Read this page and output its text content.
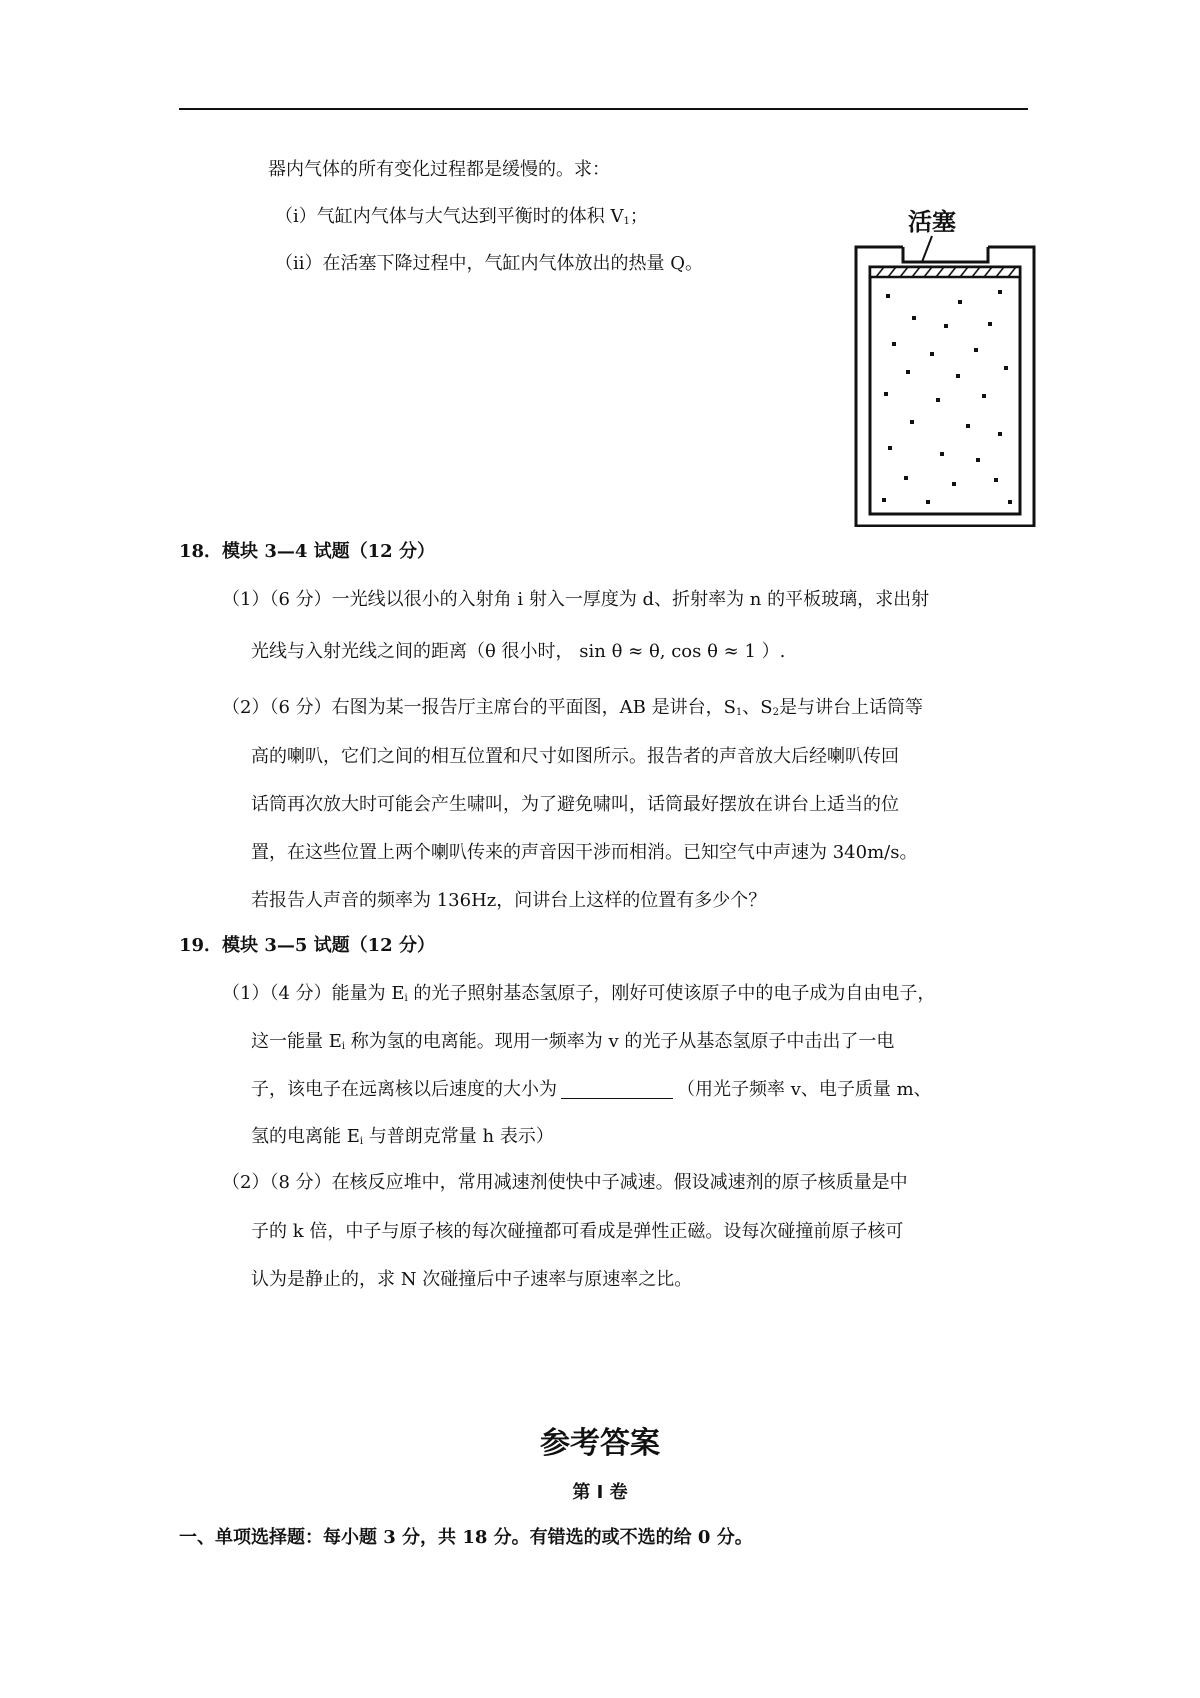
器内气体的所有变化过程都是缓慢的。求：
（i）气缸内气体与大气达到平衡时的体积 $V_1$；
（ii）在活塞下降过程中，气缸内气体放出的热量 Q。
活塞
18．模块 3—4 试题（12 分）
（1）（6 分）一光线以很小的入射角 i 射入一厚度为 d、折射率为 n 的平板玻璃，求出射
光线与入射光线之间的距离（θ 很小时， sin θ ≈ θ, cos θ ≈ 1 ）.
（2）（6 分）右图为某一报告厅主席台的平面图，AB 是讲台，$S_1$、$S_2$是与讲台上话筒等
高的喇叭，它们之间的相互位置和尺寸如图所示。报告者的声音放大后经喇叭传回
话筒再次放大时可能会产生啸叫，为了避免啸叫，话筒最好摆放在讲台上适当的位
置，在这些位置上两个喇叭传来的声音因干涉而相消。已知空气中声速为 340m/s。
若报告人声音的频率为 136Hz，问讲台上这样的位置有多少个？
19．模块 3—5 试题（12 分）
（1）（4 分）能量为 $E_i$ 的光子照射基态氢原子，刚好可使该原子中的电子成为自由电子，
这一能量 $E_i$ 称为氢的电离能。现用一频率为 v 的光子从基态氢原子中击出了一电
子，该电子在远离核以后速度的大小为	（用光子频率 v、电子质量 m、
氢的电离能 $E_i$ 与普朗克常量 h 表示）
（2）（8 分）在核反应堆中，常用减速剂使快中子减速。假设减速剂的原子核质量是中
子的 k 倍，中子与原子核的每次碰撞都可看成是弹性正磁。设每次碰撞前原子核可
认为是静止的，求 N 次碰撞后中子速率与原速率之比。
参考答案
第 I 卷
一、单项选择题：每小题 3 分，共 18 分。有错选的或不选的给 0 分。
